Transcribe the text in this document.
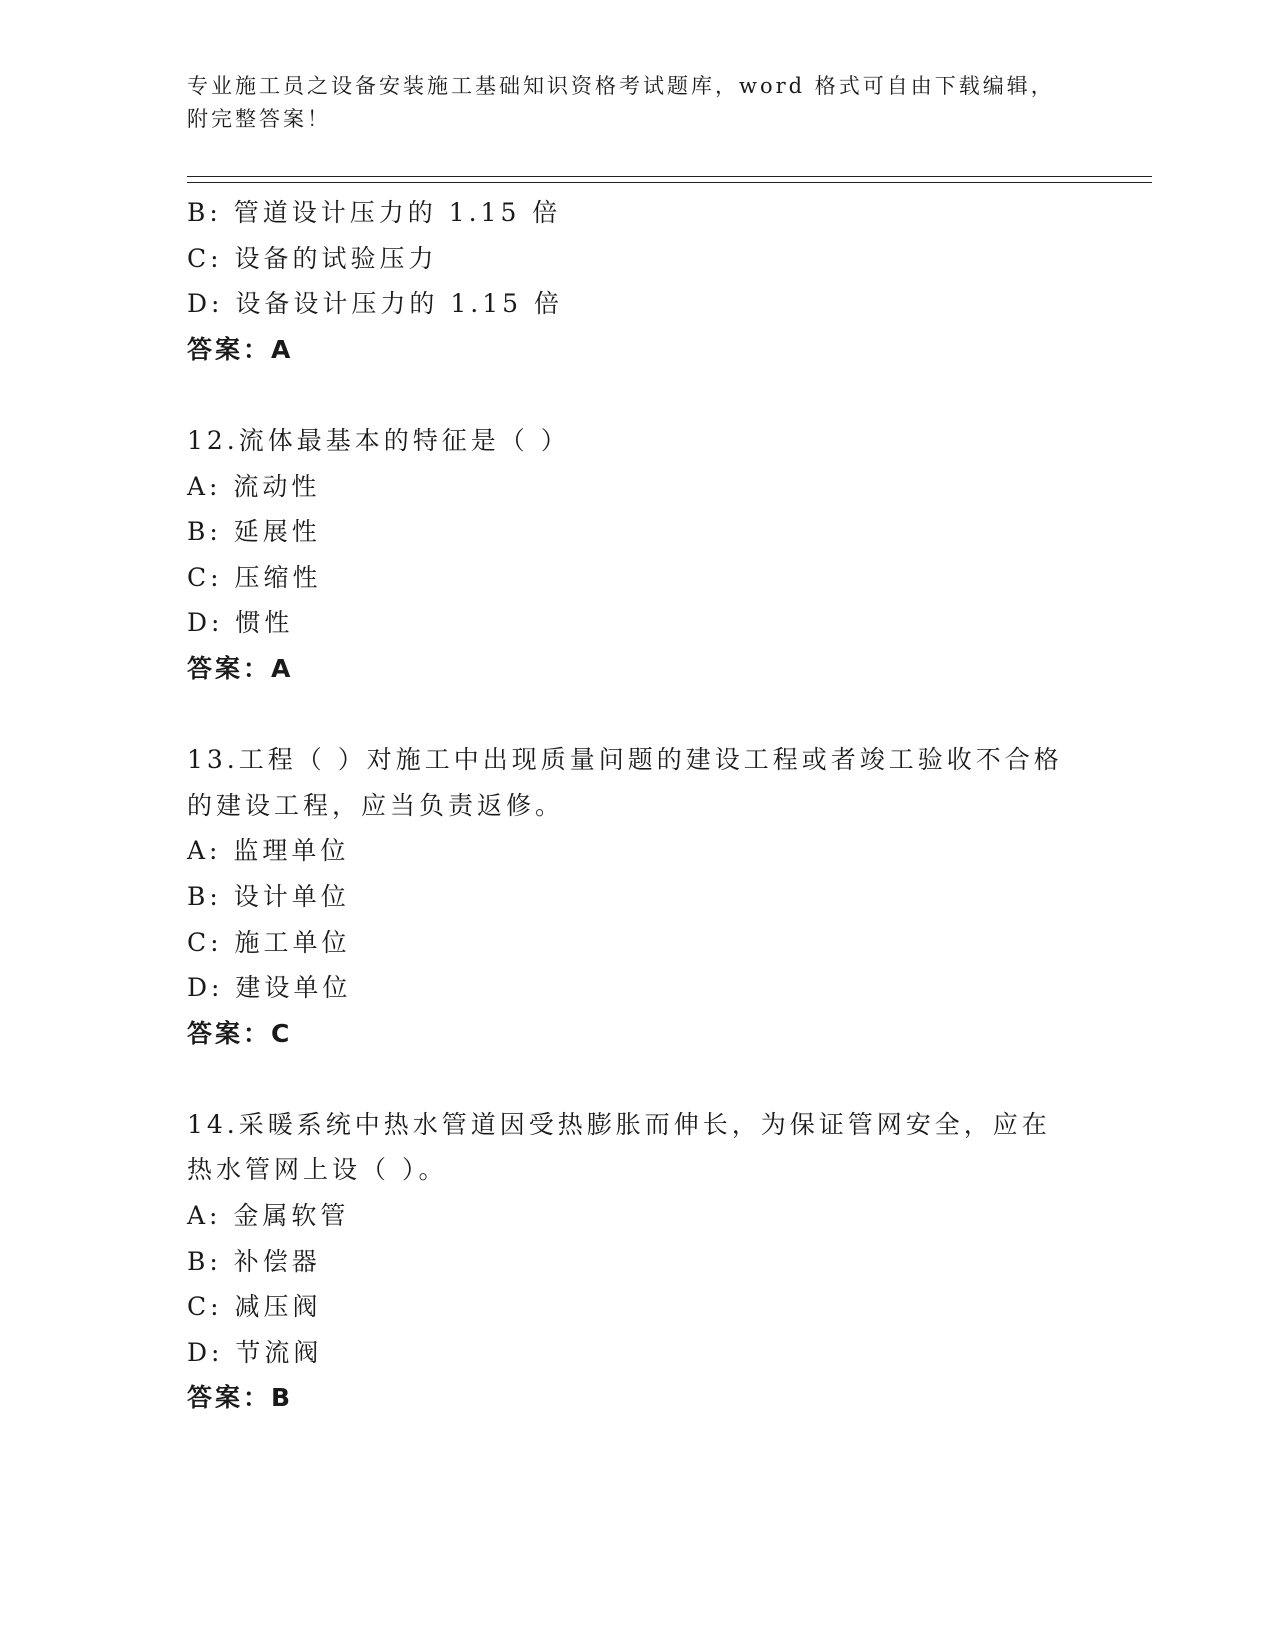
专业施工员之设备安装施工基础知识资格考试题库，word 格式可自由下载编辑，
附完整答案！
B: 管道设计压力的 1.15 倍
C: 设备的试验压力
D: 设备设计压力的 1.15 倍
答案：A
12.流体最基本的特征是（ ）
A: 流动性
B: 延展性
C: 压缩性
D: 惯性
答案：A
13.工程（ ）对施工中出现质量问题的建设工程或者竣工验收不合格的建设工程，应当负责返修。
A: 监理单位
B: 设计单位
C: 施工单位
D: 建设单位
答案：C
14.采暖系统中热水管道因受热膨胀而伸长，为保证管网安全，应在热水管网上设（ ）。
A: 金属软管
B: 补偿器
C: 减压阀
D: 节流阀
答案：B
